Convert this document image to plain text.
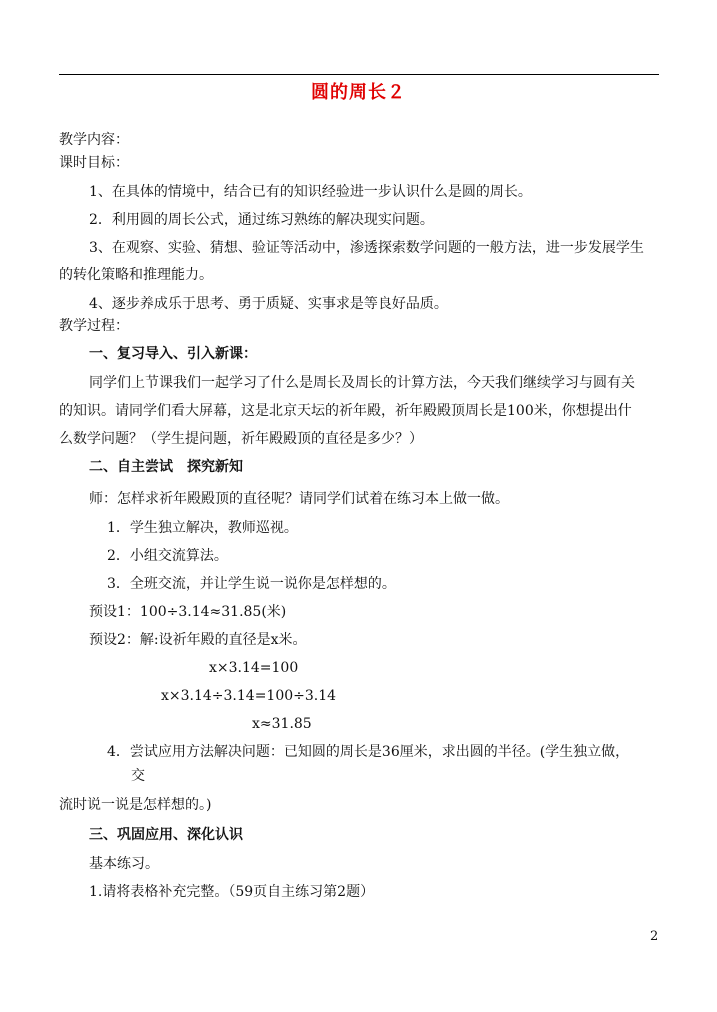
圆的周长２
教学内容：
课时目标：
1、在具体的情境中，结合已有的知识经验进一步认识什么是圆的周长。
2．利用圆的周长公式，通过练习熟练的解决现实问题。
3、在观察、实验、猜想、验证等活动中，渗透探索数学问题的一般方法，进一步发展学生
的转化策略和推理能力。
4、逐步养成乐于思考、勇于质疑、实事求是等良好品质。
教学过程：
一、复习导入、引入新课：
同学们上节课我们一起学习了什么是周长及周长的计算方法，今天我们继续学习与圆有关
的知识。请同学们看大屏幕，这是北京天坛的祈年殿，祈年殿殿顶周长是100米，你想提出什
么数学问题？（学生提问题，祈年殿殿顶的直径是多少？）
二、自主尝试　探究新知
师：怎样求祈年殿殿顶的直径呢？请同学们试着在练习本上做一做。
1．学生独立解决，教师巡视。
2．小组交流算法。
3．全班交流，并让学生说一说你是怎样想的。
预设1：100÷3.14≈31.85(米)
预设2：解:设祈年殿的直径是x米。
x×3.14=100
x×3.14÷3.14=100÷3.14
x≈31.85
4．尝试应用方法解决问题：已知圆的周长是36厘米，求出圆的半径。(学生独立做，
交
流时说一说是怎样想的。)
三、巩固应用、深化认识
基本练习。
1.请将表格补充完整。（59页自主练习第2题）
2
